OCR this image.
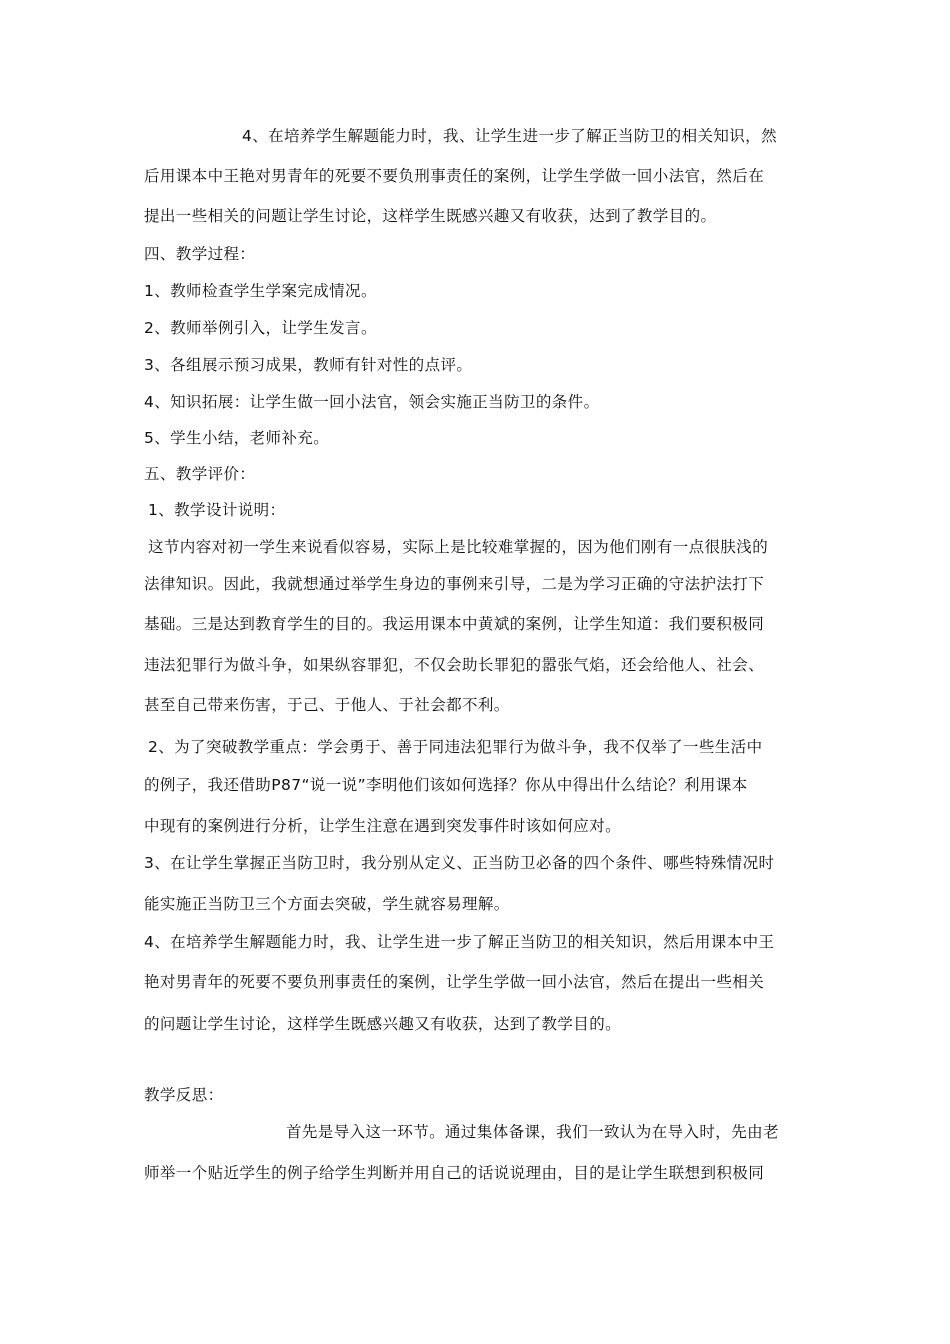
4、在培养学生解题能力时，我、让学生进一步了解正当防卫的相关知识，然
后用课本中王艳对男青年的死要不要负刑事责任的案例，让学生学做一回小法官，然后在
提出一些相关的问题让学生讨论，这样学生既感兴趣又有收获，达到了教学目的。
四、教学过程：
1、教师检查学生学案完成情况。
2、教师举例引入，让学生发言。
3、各组展示预习成果，教师有针对性的点评。
4、知识拓展：让学生做一回小法官，领会实施正当防卫的条件。
5、学生小结，老师补充。
五、教学评价：
1、教学设计说明：
这节内容对初一学生来说看似容易，实际上是比较难掌握的，因为他们刚有一点很肤浅的
法律知识。因此，我就想通过举学生身边的事例来引导，二是为学习正确的守法护法打下
基础。三是达到教育学生的目的。我运用课本中黄斌的案例，让学生知道：我们要积极同
违法犯罪行为做斗争，如果纵容罪犯，不仅会助长罪犯的嚣张气焰，还会给他人、社会、
甚至自己带来伤害，于己、于他人、于社会都不利。
2、为了突破教学重点：学会勇于、善于同违法犯罪行为做斗争，我不仅举了一些生活中
的例子，我还借助P87“说一说”李明他们该如何选择？你从中得出什么结论？利用课本
中现有的案例进行分析，让学生注意在遇到突发事件时该如何应对。
3、在让学生掌握正当防卫时，我分别从定义、正当防卫必备的四个条件、哪些特殊情况时
能实施正当防卫三个方面去突破，学生就容易理解。
4、在培养学生解题能力时，我、让学生进一步了解正当防卫的相关知识，然后用课本中王
艳对男青年的死要不要负刑事责任的案例，让学生学做一回小法官，然后在提出一些相关
的问题让学生讨论，这样学生既感兴趣又有收获，达到了教学目的。
教学反思：
首先是导入这一环节。通过集体备课，我们一致认为在导入时，先由老
师举一个贴近学生的例子给学生判断并用自己的话说说理由，目的是让学生联想到积极同
